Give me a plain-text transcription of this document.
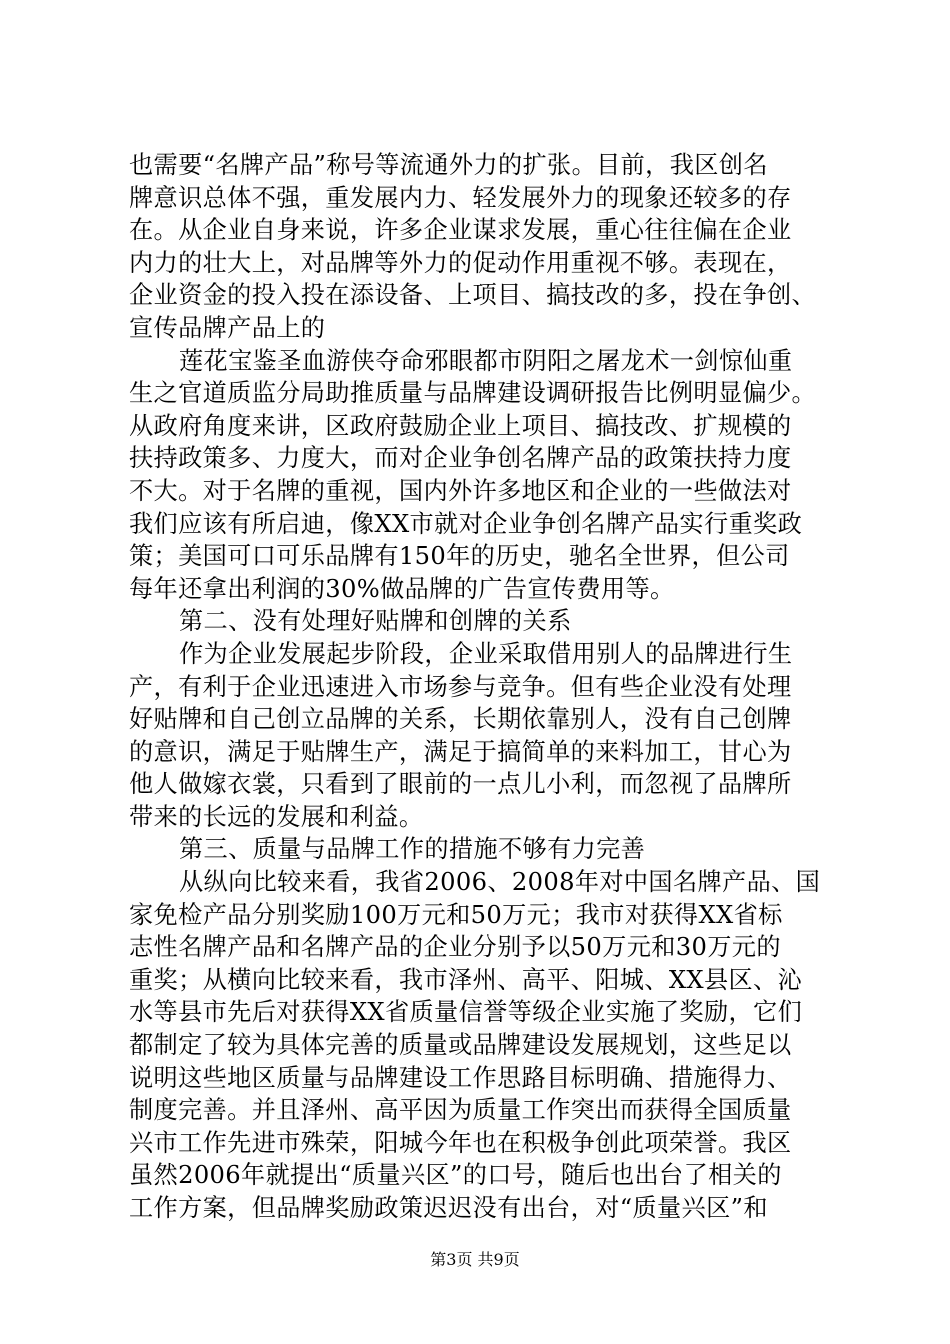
也需要“名牌产品”称号等流通外力的扩张。目前，我区创名
牌意识总体不强，重发展内力、轻发展外力的现象还较多的存
在。从企业自身来说，许多企业谋求发展，重心往往偏在企业
内力的壮大上，对品牌等外力的促动作用重视不够。表现在，
企业资金的投入投在添设备、上项目、搞技改的多，投在争创、
宣传品牌产品上的
莲花宝鉴圣血游侠夺命邪眼都市阴阳之屠龙术一剑惊仙重
生之官道质监分局助推质量与品牌建设调研报告比例明显偏少。
从政府角度来讲，区政府鼓励企业上项目、搞技改、扩规模的
扶持政策多、力度大，而对企业争创名牌产品的政策扶持力度
不大。对于名牌的重视，国内外许多地区和企业的一些做法对
我们应该有所启迪，像XX市就对企业争创名牌产品实行重奖政
策；美国可口可乐品牌有150年的历史，驰名全世界，但公司
每年还拿出利润的30%做品牌的广告宣传费用等。
第二、没有处理好贴牌和创牌的关系
作为企业发展起步阶段，企业采取借用别人的品牌进行生
产，有利于企业迅速进入市场参与竞争。但有些企业没有处理
好贴牌和自己创立品牌的关系，长期依靠别人，没有自己创牌
的意识，满足于贴牌生产，满足于搞简单的来料加工，甘心为
他人做嫁衣裳，只看到了眼前的一点儿小利，而忽视了品牌所
带来的长远的发展和利益。
第三、质量与品牌工作的措施不够有力完善
从纵向比较来看，我省2006、2008年对中国名牌产品、国
家免检产品分别奖励100万元和50万元；我市对获得XX省标
志性名牌产品和名牌产品的企业分别予以50万元和30万元的
重奖；从横向比较来看，我市泽州、高平、阳城、XX县区、沁
水等县市先后对获得XX省质量信誉等级企业实施了奖励，它们
都制定了较为具体完善的质量或品牌建设发展规划，这些足以
说明这些地区质量与品牌建设工作思路目标明确、措施得力、
制度完善。并且泽州、高平因为质量工作突出而获得全国质量
兴市工作先进市殊荣，阳城今年也在积极争创此项荣誉。我区
虽然2006年就提出“质量兴区”的口号，随后也出台了相关的
工作方案，但品牌奖励政策迟迟没有出台，对“质量兴区”和
第3页 共9页
